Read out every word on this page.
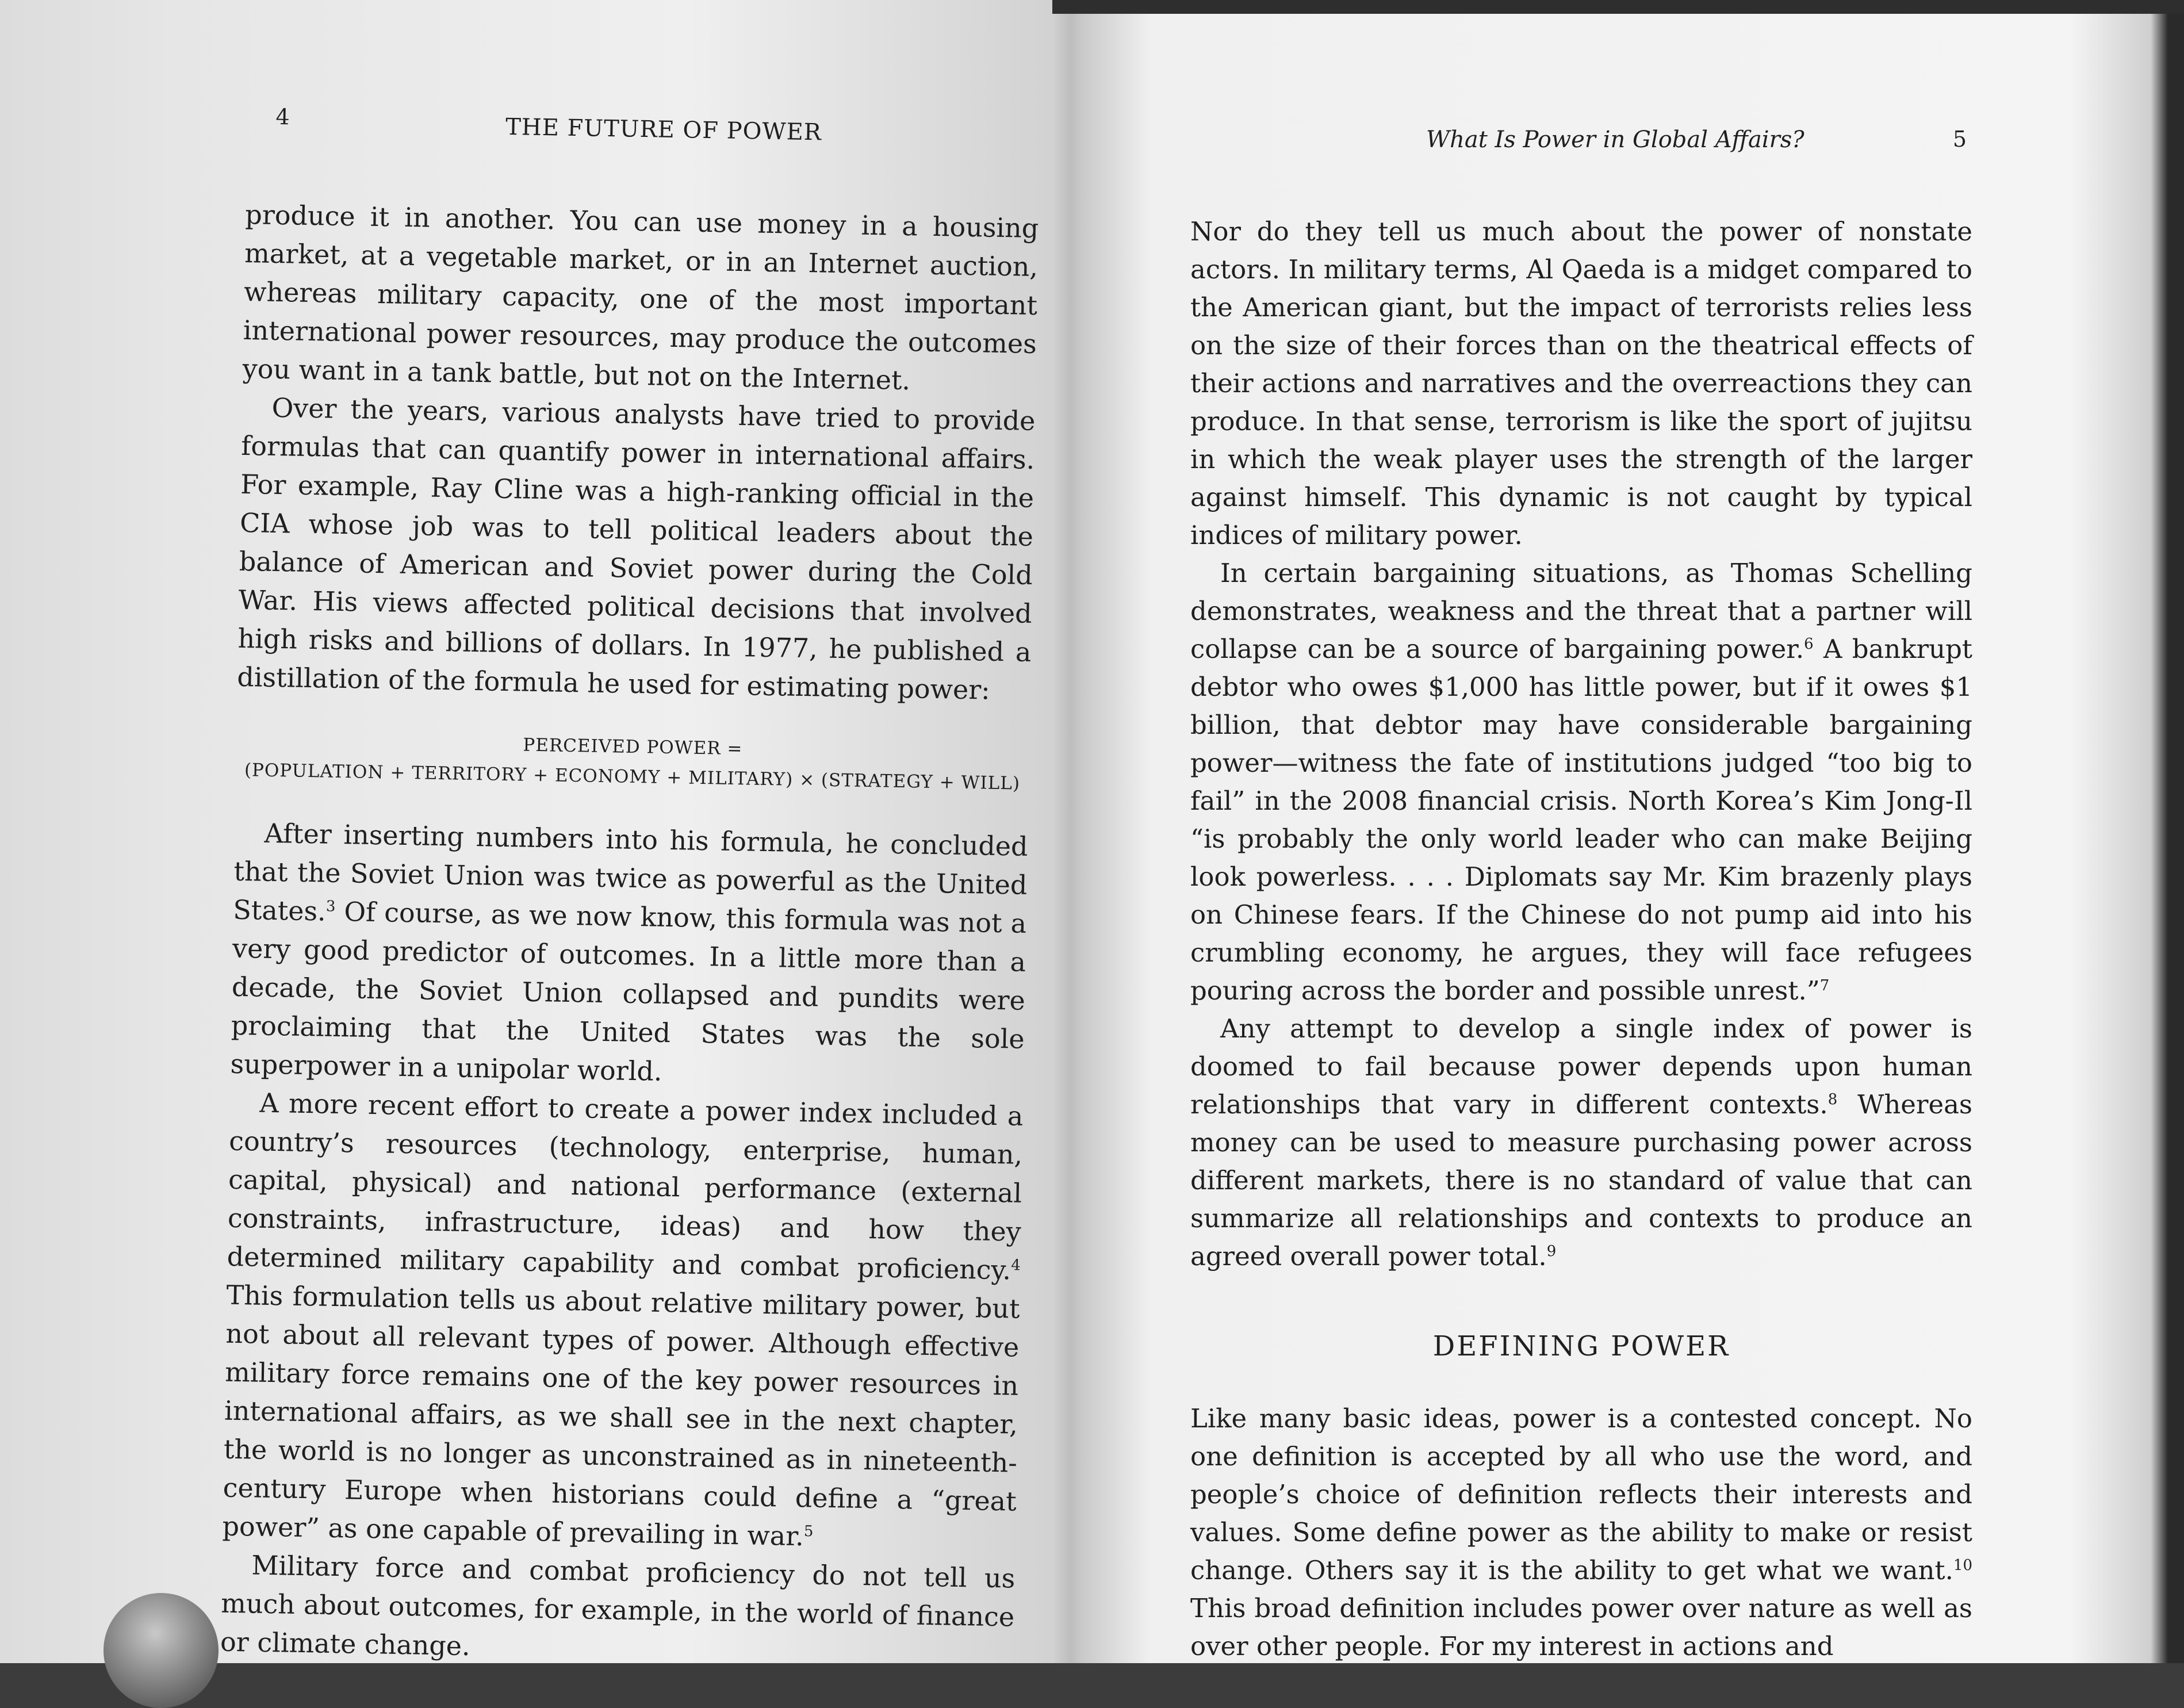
4	THE FUTURE OF POWER

produce it in another. You can use money in a housing market, at a vegetable market, or in an Internet auction, whereas military capacity, one of the most important international power resources, may produce the outcomes you want in a tank battle, but not on the Internet.

Over the years, various analysts have tried to provide formulas that can quantify power in international affairs. For example, Ray Cline was a high-ranking official in the CIA whose job was to tell political leaders about the balance of American and Soviet power during the Cold War. His views affected political decisions that involved high risks and billions of dollars. In 1977, he published a distillation of the formula he used for estimating power:

PERCEIVED POWER =
(POPULATION + TERRITORY + ECONOMY + MILITARY) × (STRATEGY + WILL)

After inserting numbers into his formula, he concluded that the Soviet Union was twice as powerful as the United States.$^3$ Of course, as we now know, this formula was not a very good predictor of outcomes. In a little more than a decade, the Soviet Union collapsed and pundits were proclaiming that the United States was the sole superpower in a unipolar world.

A more recent effort to create a power index included a country’s resources (technology, enterprise, human, capital, physical) and national performance (external constraints, infrastructure, ideas) and how they determined military capability and combat proficiency.$^4$ This formulation tells us about relative military power, but not about all relevant types of power. Although effective military force remains one of the key power resources in international affairs, as we shall see in the next chapter, the world is no longer as unconstrained as in nineteenth-century Europe when historians could define a “great power” as one capable of prevailing in war.$^5$

Military force and combat proficiency do not tell us much about outcomes, for example, in the world of finance or climate change.

What Is Power in Global Affairs?	5

Nor do they tell us much about the power of nonstate actors. In military terms, Al Qaeda is a midget compared to the American giant, but the impact of terrorists relies less on the size of their forces than on the theatrical effects of their actions and narratives and the overreactions they can produce. In that sense, terrorism is like the sport of jujitsu in which the weak player uses the strength of the larger against himself. This dynamic is not caught by typical indices of military power.

In certain bargaining situations, as Thomas Schelling demonstrates, weakness and the threat that a partner will collapse can be a source of bargaining power.$^6$ A bankrupt debtor who owes $1,000 has little power, but if it owes $1 billion, that debtor may have considerable bargaining power—witness the fate of institutions judged “too big to fail” in the 2008 financial crisis. North Korea’s Kim Jong-Il “is probably the only world leader who can make Beijing look powerless. . . . Diplomats say Mr. Kim brazenly plays on Chinese fears. If the Chinese do not pump aid into his crumbling economy, he argues, they will face refugees pouring across the border and possible unrest.”$^7$

Any attempt to develop a single index of power is doomed to fail because power depends upon human relationships that vary in different contexts.$^8$ Whereas money can be used to measure purchasing power across different markets, there is no standard of value that can summarize all relationships and contexts to produce an agreed overall power total.$^9$

DEFINING POWER

Like many basic ideas, power is a contested concept. No one definition is accepted by all who use the word, and people’s choice of definition reflects their interests and values. Some define power as the ability to make or resist change. Others say it is the ability to get what we want.$^{10}$ This broad definition includes power over nature as well as over other people. For my interest in actions and
